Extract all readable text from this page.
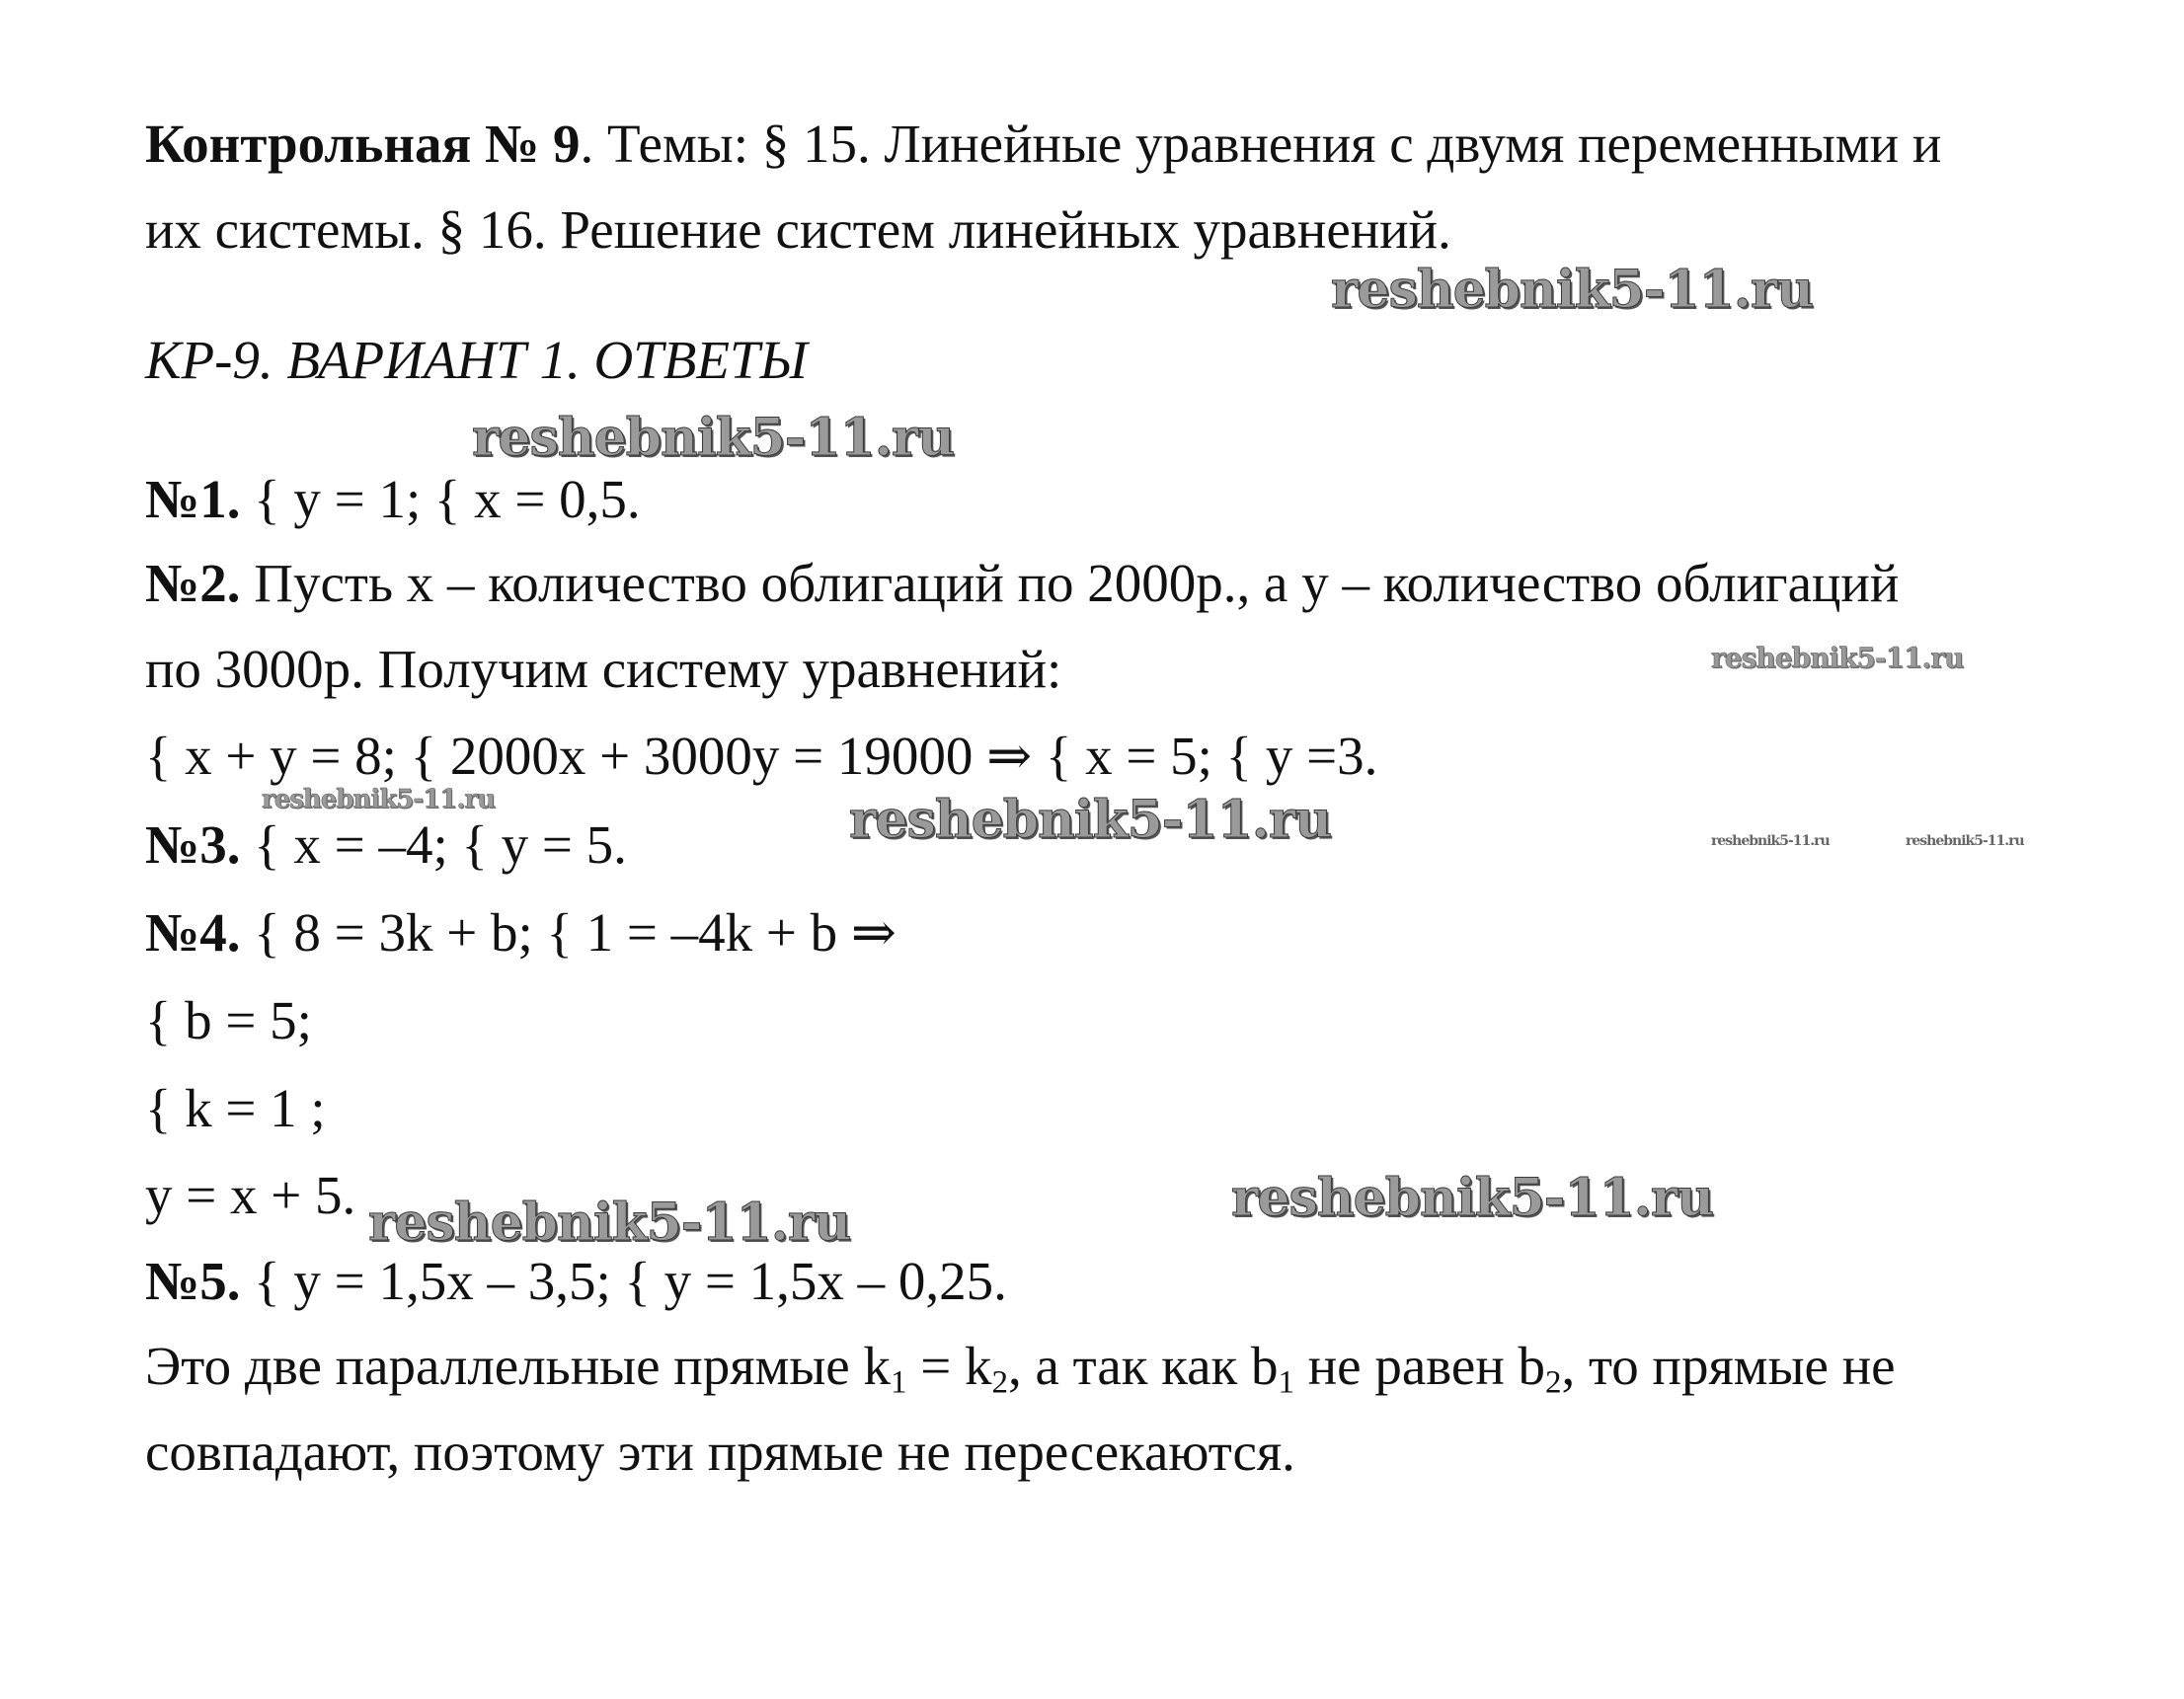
Контрольная № 9. Темы: § 15. Линейные уравнения с двумя переменными и
их системы. § 16. Решение систем линейных уравнений.
КР-9. ВАРИАНТ 1. ОТВЕТЫ
№1. { y = 1; { x = 0,5.
№2. Пусть x – количество облигаций по 2000р., а y – количество облигаций
по 3000р. Получим систему уравнений:
{ x + y = 8; { 2000x + 3000y = 19000 ⇒ { x = 5; { y =3.
№3. { x = –4; { y = 5.
№4. { 8 = 3k + b; { 1 = –4k + b ⇒
{ b = 5;
{ k = 1 ;
y = x + 5.
№5. { y = 1,5x – 3,5; { y = 1,5x – 0,25.
Это две параллельные прямые $k_1 = k_2$, а так как $b_1$ не равен $b_2$, то прямые не
совпадают, поэтому эти прямые не пересекаются.
reshebnik5-11.ru
reshebnik5-11.ru
reshebnik5-11.ru
reshebnik5-11.ru	reshebnik5-11.ru	reshebnik5-11.ru	reshebnik5-11.ru
reshebnik5-11.ru
reshebnik5-11.ru
